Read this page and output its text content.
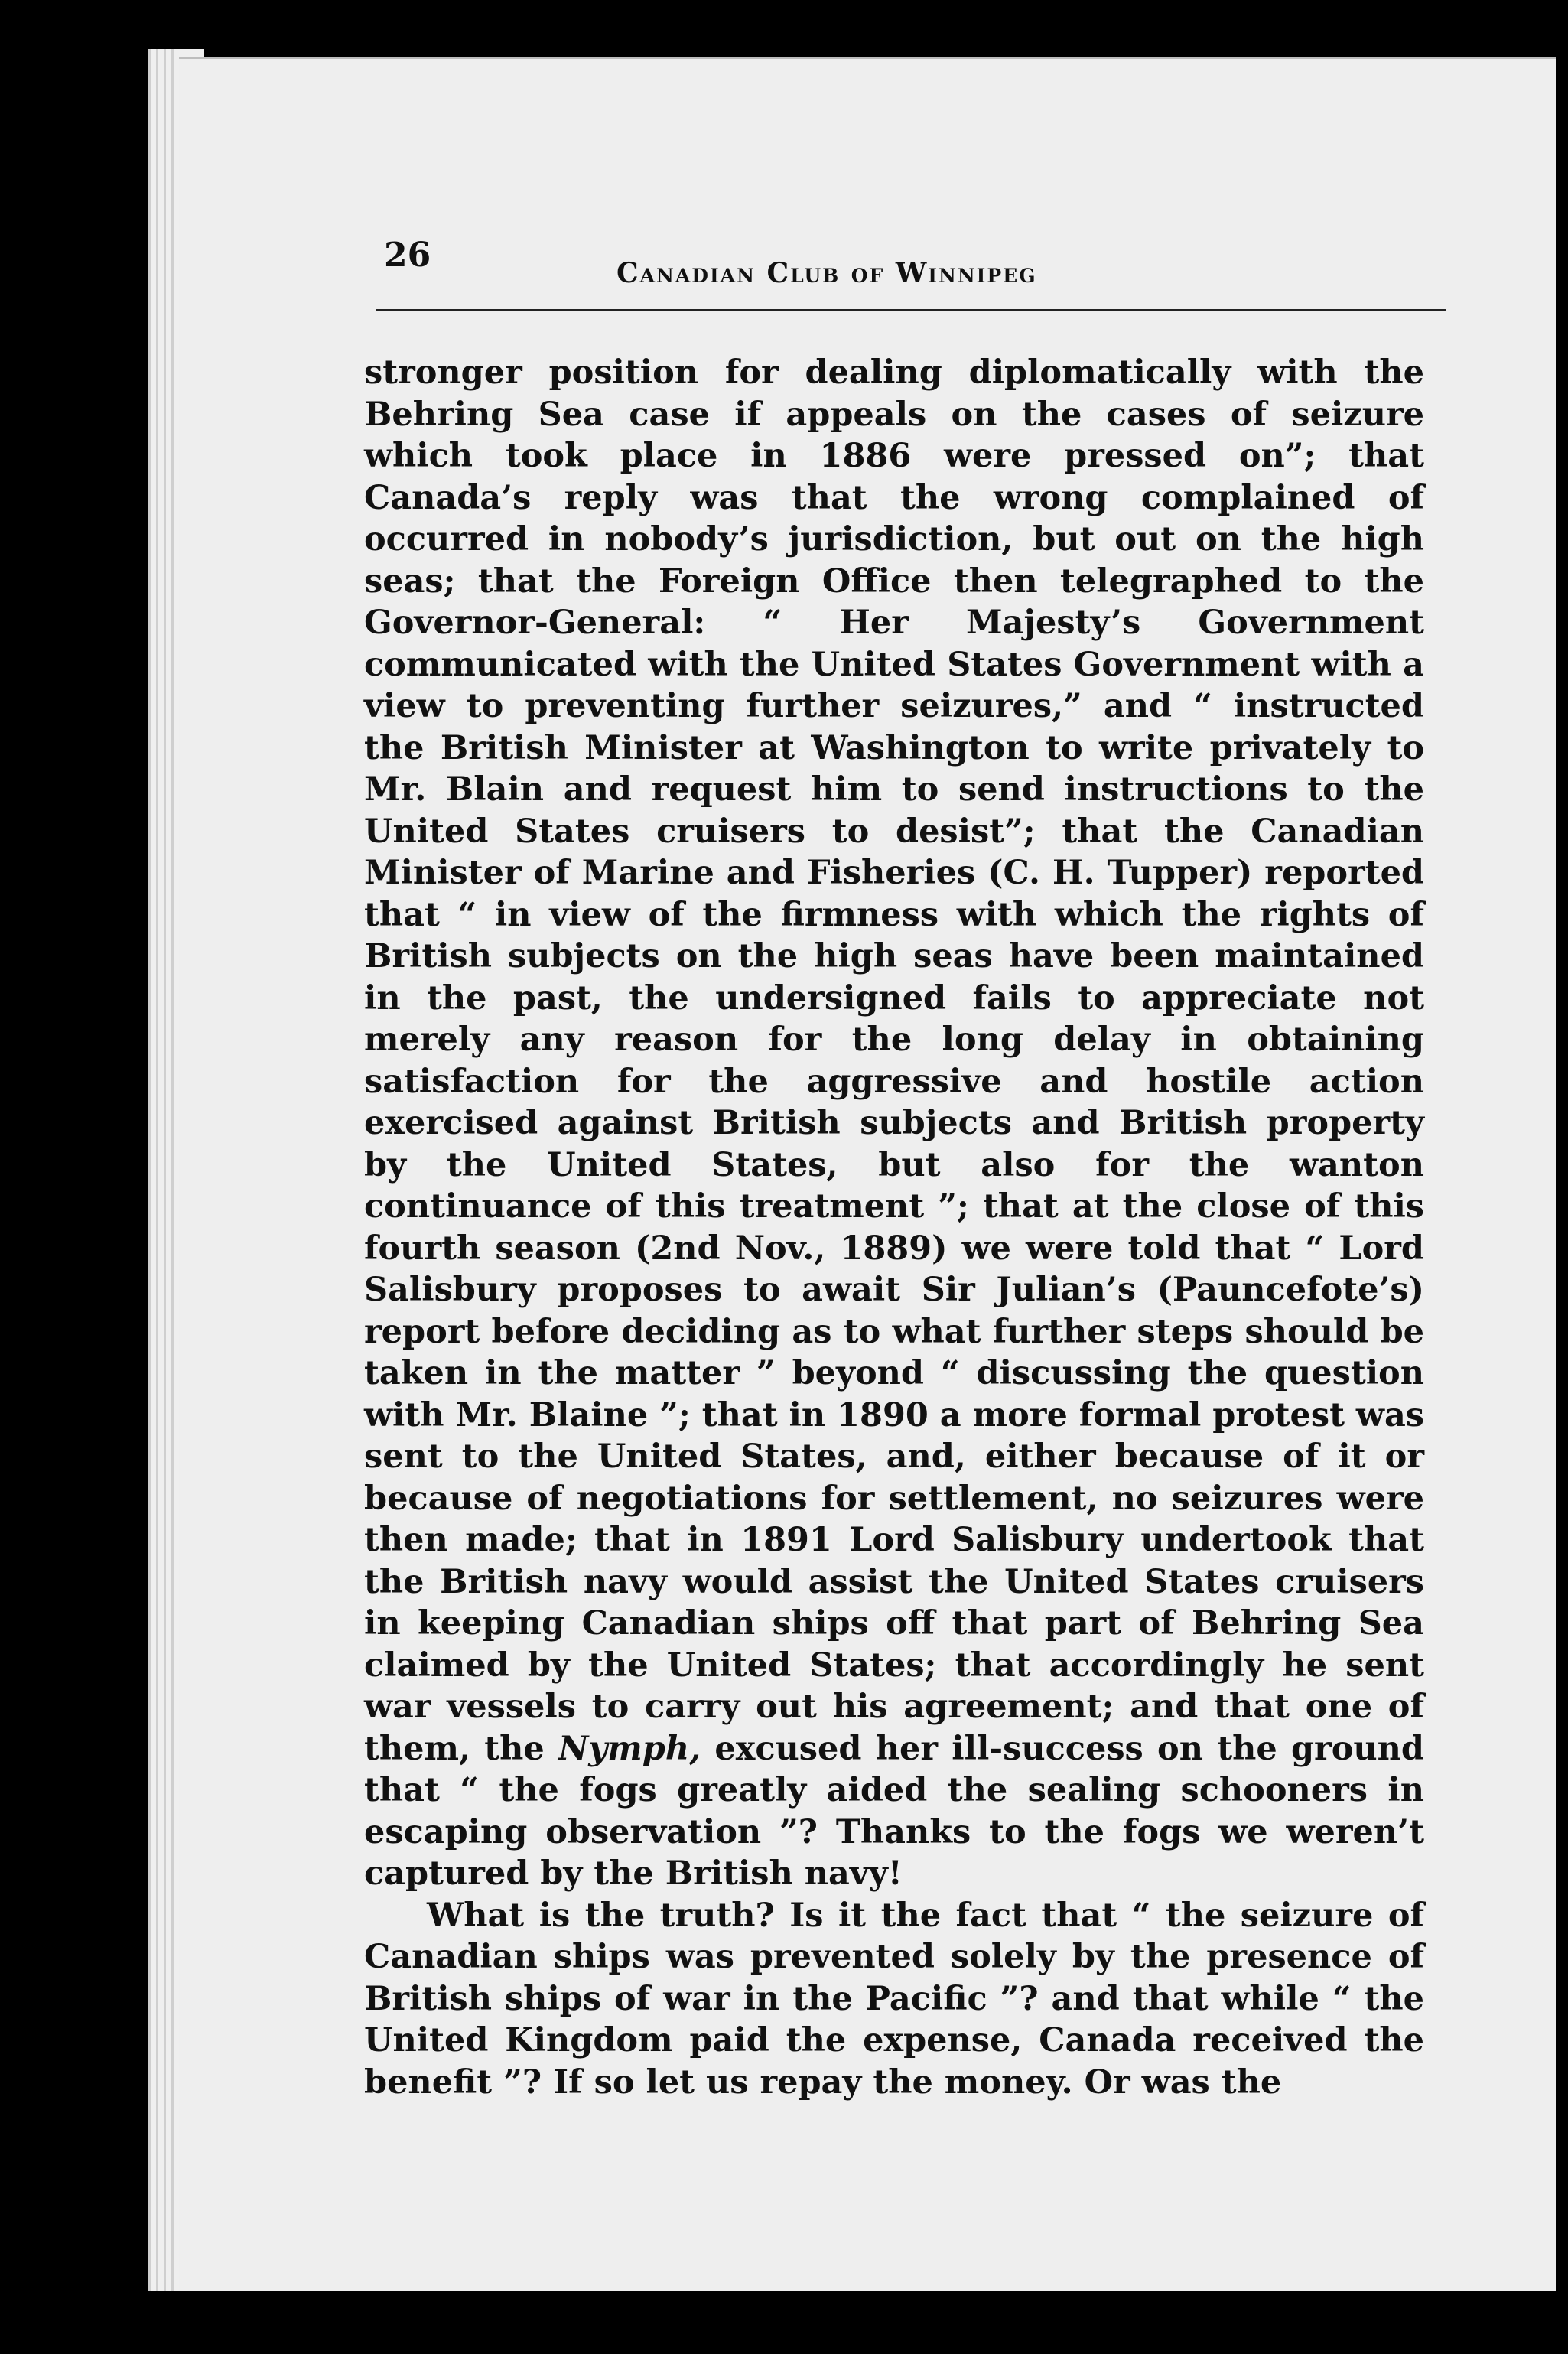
26	Canadian Club of Winnipeg

stronger position for dealing diplomatically with the Behring Sea case if appeals on the cases of seizure which took place in 1886 were pressed on”; that Canada’s reply was that the wrong complained of occurred in nobody’s jurisdiction, but out on the high seas; that the Foreign Office then telegraphed to the Governor-General: “ Her Majesty’s Government communicated with the United States Government with a view to preventing further seizures,” and “ instructed the British Minister at Washington to write privately to Mr. Blain and request him to send instructions to the United States cruisers to desist”; that the Canadian Minister of Marine and Fisheries (C. H. Tupper) reported that “ in view of the firmness with which the rights of British subjects on the high seas have been maintained in the past, the undersigned fails to appreciate not merely any reason for the long delay in obtaining satisfaction for the aggressive and hostile action exercised against British subjects and British property by the United States, but also for the wanton continuance of this treatment ”; that at the close of this fourth season (2nd Nov., 1889) we were told that “ Lord Salisbury proposes to await Sir Julian’s (Pauncefote’s) report before deciding as to what further steps should be taken in the matter ” beyond “ discussing the question with Mr. Blaine ”; that in 1890 a more formal protest was sent to the United States, and, either because of it or because of negotiations for settlement, no seizures were then made; that in 1891 Lord Salisbury undertook that the British navy would assist the United States cruisers in keeping Canadian ships off that part of Behring Sea claimed by the United States; that accordingly he sent war vessels to carry out his agreement; and that one of them, the Nymph, excused her ill-success on the ground that “ the fogs greatly aided the sealing schooners in escaping observation ”? Thanks to the fogs we weren’t captured by the British navy!

What is the truth? Is it the fact that “ the seizure of Canadian ships was prevented solely by the presence of British ships of war in the Pacific ”? and that while “ the United Kingdom paid the expense, Canada received the benefit ”? If so let us repay the money. Or was the
